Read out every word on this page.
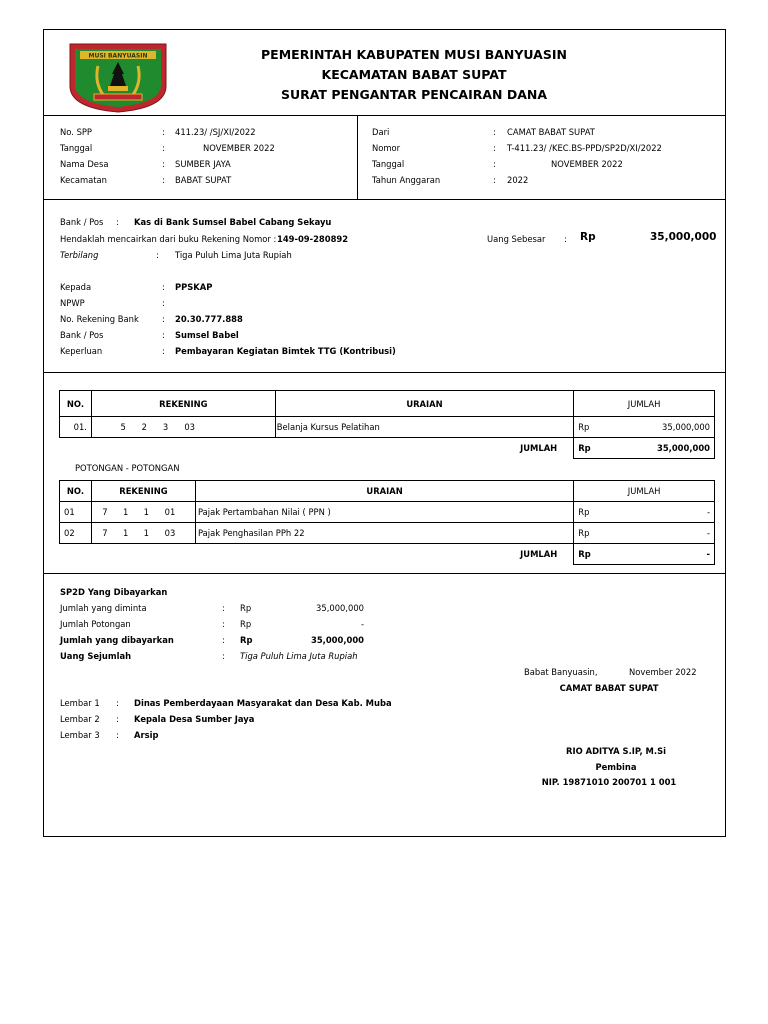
MUSI BANYUASIN	PEMERINTAH KABUPATEN MUSI BANYUASIN
KECAMATAN BABAT SUPAT
SURAT PENGANTAR PENCAIRAN DANA
No. SPP	: 411.23/ /SJ/XI/2022
Tanggal	:	NOVEMBER 2022
Nama Desa	: SUMBER JAYA
Kecamatan	: BABAT SUPAT
Dari	: CAMAT BABAT SUPAT
Nomor	: T-411.23/ /KEC.BS-PPD/SP2D/XI/2022
Tanggal	:	NOVEMBER 2022
Tahun Anggaran	: 2022
Bank / Pos : Kas di Bank Sumsel Babel Cabang Sekayu
Hendaklah mencairkan dari buku Rekening Nomor : 149-09-280892	Uang Sebesar : Rp	35,000,000
Terbilang	: Tiga Puluh Lima Juta Rupiah
Kepada	: PPSKAP
NPWP	:
No. Rekening Bank	: 20.30.777.888
Bank / Pos	: Sumsel Babel
Keperluan	: Pembayaran Kegiatan Bimtek TTG (Kontribusi)
NO.	REKENING	URAIAN	JUMLAH
01.	5 2 3 03	Belanja Kursus Pelatihan	Rp 35,000,000

JUMLAH			Rp 35,000,000
POTONGAN - POTONGAN
NO.	REKENING	URAIAN	JUMLAH
01	7 1 1 01	Pajak Pertambahan Nilai ( PPN )	Rp -

02	7 1 1 03	Pajak Penghasilan PPh 22	Rp -

JUMLAH			Rp -
SP2D Yang Dibayarkan
Jumlah yang diminta	: Rp	35,000,000
Jumlah Potongan	: Rp	-
Jumlah yang dibayarkan	: Rp	35,000,000
Uang Sejumlah	: Tiga Puluh Lima Juta Rupiah
Babat Banyuasin,	November 2022
CAMAT BABAT SUPAT
RIO ADITYA S.IP, M.Si
Pembina
NIP. 19871010 200701 1 001
Lembar 1 : Dinas Pemberdayaan Masyarakat dan Desa Kab. Muba
Lembar 2 : Kepala Desa Sumber Jaya
Lembar 3 : Arsip
